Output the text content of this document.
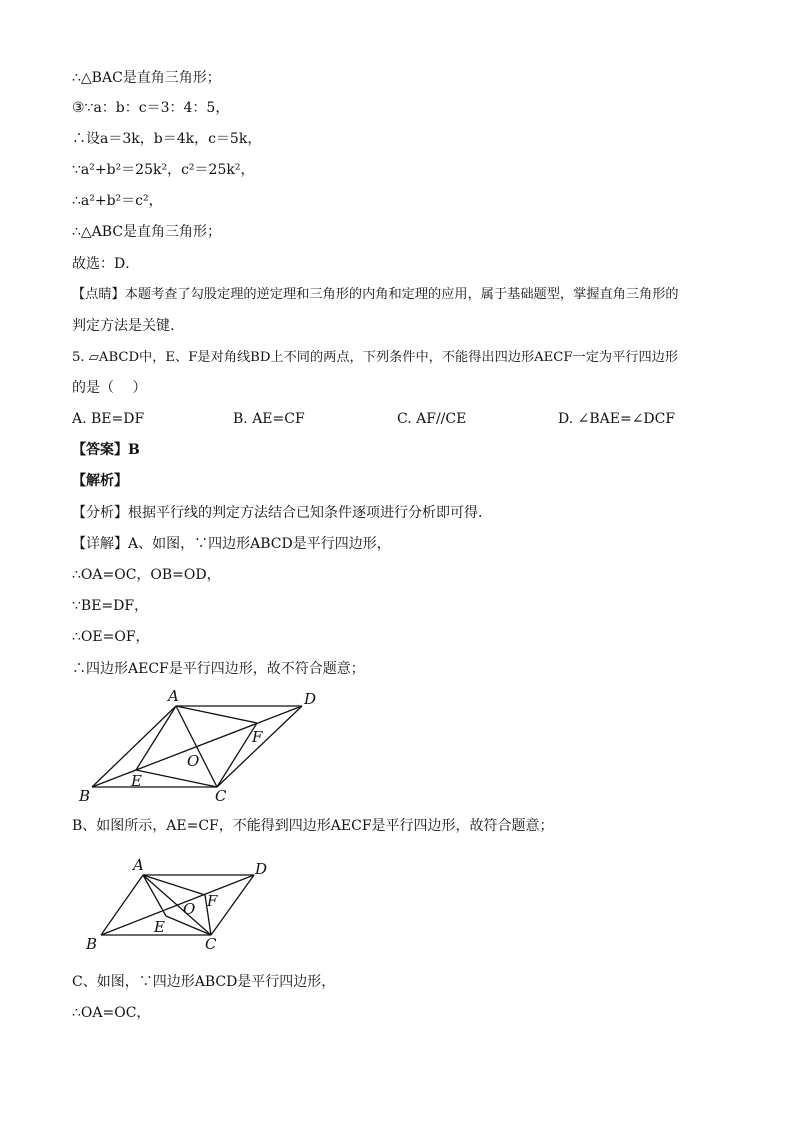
∴△BAC是直角三角形；
③∵a：b：c＝3：4：5，
∴设a＝3k，b＝4k，c＝5k，
∵a²+b²＝25k²，c²＝25k²，
∴a²+b²＝c²，
∴△ABC是直角三角形；
故选：D．
【点睛】本题考查了勾股定理的逆定理和三角形的内角和定理的应用，属于基础题型，掌握直角三角形的
判定方法是关键.
5. ▱ABCD中，E、F是对角线BD上不同的两点，下列条件中，不能得出四边形AECF一定为平行四边形
的是（　 ）
A. BE=DF	B. AE=CF	C. AF//CE	D. ∠BAE=∠DCF
【答案】B
【解析】
【分析】根据平行线的判定方法结合已知条件逐项进行分析即可得.
【详解】A、如图，∵四边形ABCD是平行四边形，
∴OA=OC，OB=OD，
∵BE=DF，
∴OE=OF，
∴四边形AECF是平行四边形，故不符合题意；
A	D
F
O
E
B	C
B、如图所示，AE=CF，不能得到四边形AECF是平行四边形，故符合题意；
A	D
F
O
E
B	C
C、如图，∵四边形ABCD是平行四边形，
∴OA=OC，
